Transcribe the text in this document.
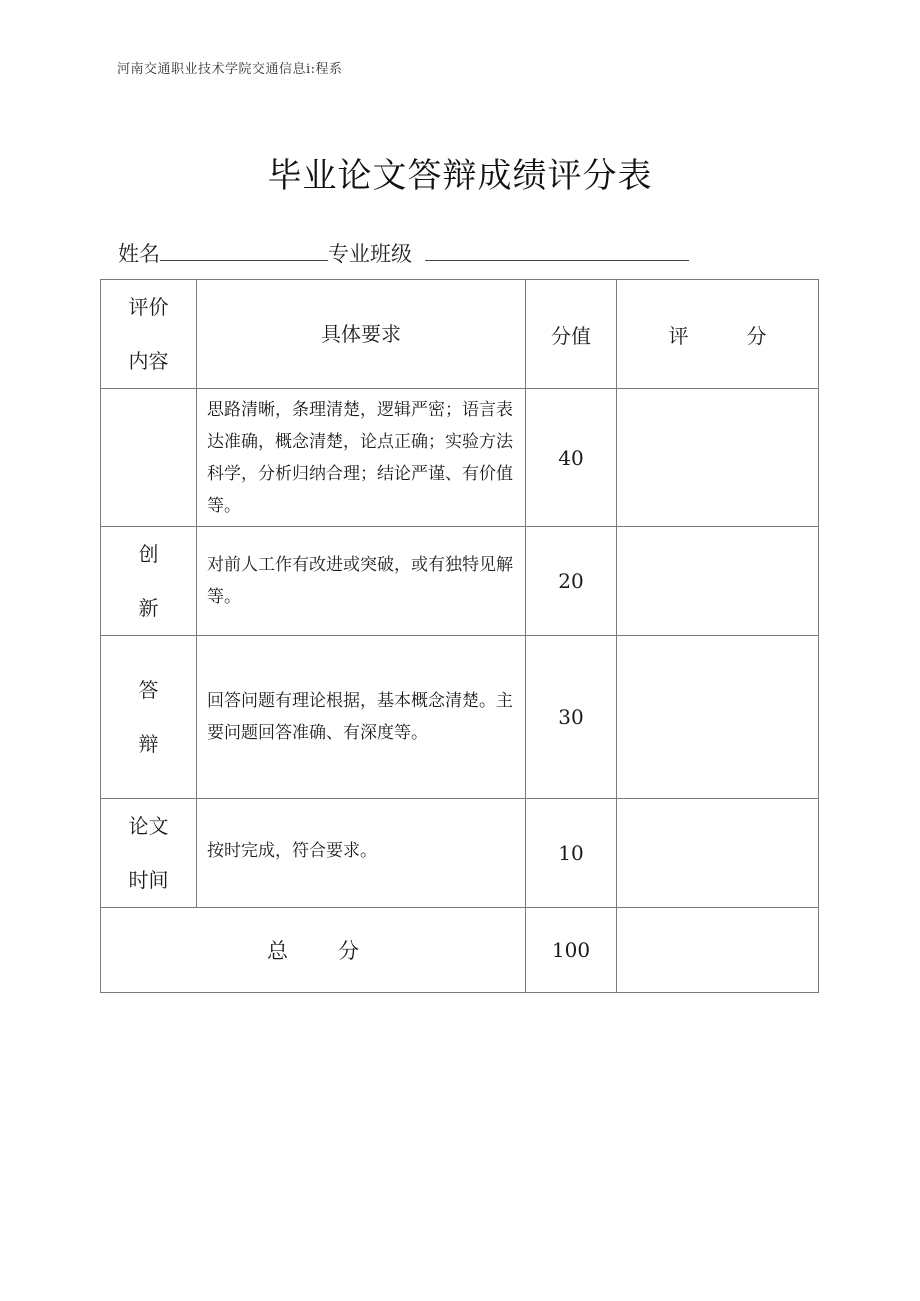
河南交通职业技术学院交通信息i:程系
毕业论文答辩成绩评分表
姓名	专业班级
评价
内容	具体要求	分值	评 分

	思路清晰，条理清楚，逻辑严密；语言表达准确，概念清楚，论点正确；实验方法科学，分析归纳合理；结论严谨、有价值等。	40	

创
新	对前人工作有改进或突破，或有独特见解等。	20	

答
辩	回答问题有理论根据，基本概念清楚。主要问题回答准确、有深度等。	30	

论文
时间	按时完成，符合要求。	10	
总 分		100	
